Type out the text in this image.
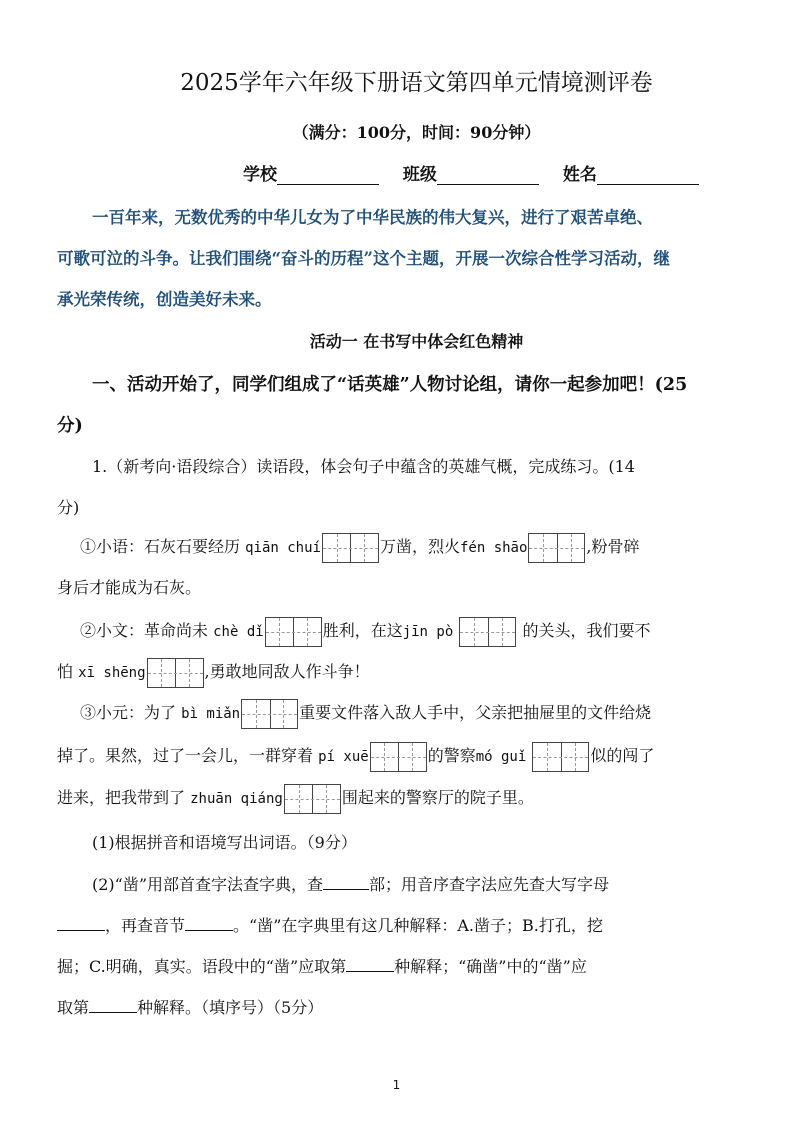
2025学年六年级下册语文第四单元情境测评卷
（满分：100分，时间：90分钟）
学校	班级	姓名
一百年来，无数优秀的中华儿女为了中华民族的伟大复兴，进行了艰苦卓绝、
可歌可泣的斗争。让我们围绕“奋斗的历程”这个主题，开展一次综合性学习活动，继
承光荣传统，创造美好未来。
活动一 在书写中体会红色精神
一、活动开始了，同学们组成了“话英雄”人物讨论组，请你一起参加吧！(25
分)
1.（新考向·语段综合）读语段，体会句子中蕴含的英雄气概，完成练习。(14
分)
①小语：石灰石要经历 qiān chuí	万凿，烈火fén shāo	,粉骨碎
身后才能成为石灰。
②小文：革命尚未 chè dǐ	胜利，在这jīn pò	的关头，我们要不
怕 xī shēng	,勇敢地同敌人作斗争！
③小元：为了 bì miǎn	重要文件落入敌人手中，父亲把抽屉里的文件给烧
掉了。果然，过了一会儿，一群穿着 pí xuē	的警察mó guǐ	似的闯了
进来，把我带到了 zhuān qiáng	围起来的警察厅的院子里。
(1)根据拼音和语境写出词语。（9分）
(2)“凿”用部首查字法查字典，查	部；用音序查字法应先查大写字母
，再查音节	。“凿”在字典里有这几种解释：A.凿子；B.打孔，挖
掘；C.明确，真实。语段中的“凿”应取第	种解释；“确凿”中的“凿”应
取第	种解释。（填序号）（5分）
1
